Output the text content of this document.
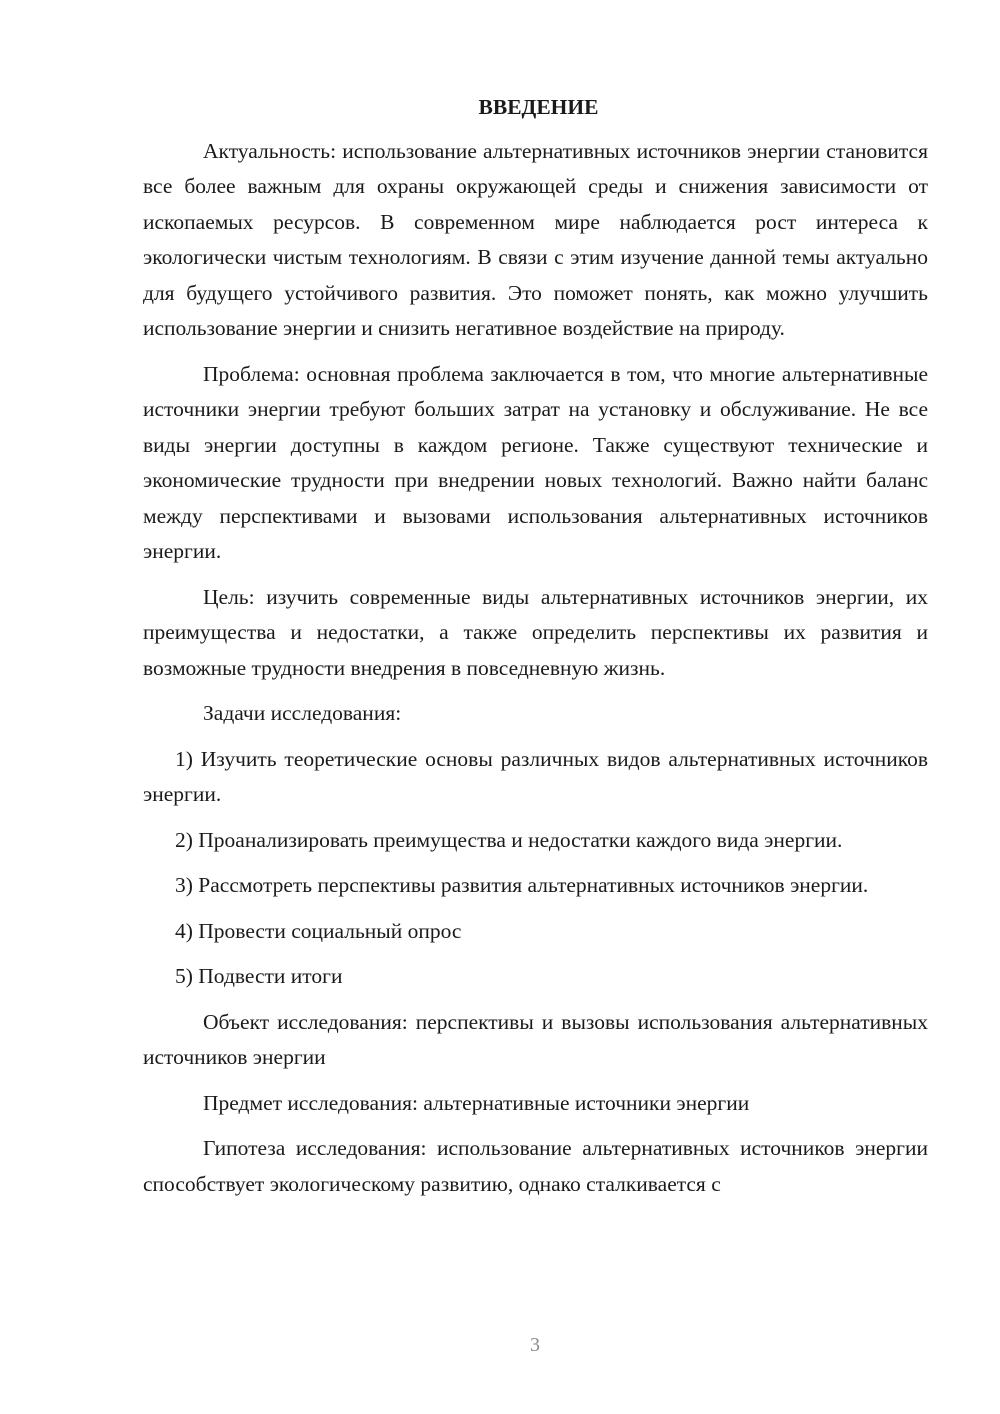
ВВЕДЕНИЕ

Актуальность: использование альтернативных источников энергии становится все более важным для охраны окружающей среды и снижения зависимости от ископаемых ресурсов. В современном мире наблюдается рост интереса к экологически чистым технологиям. В связи с этим изучение данной темы актуально для будущего устойчивого развития. Это поможет понять, как можно улучшить использование энергии и снизить негативное воздействие на природу.

Проблема: основная проблема заключается в том, что многие альтернативные источники энергии требуют больших затрат на установку и обслуживание. Не все виды энергии доступны в каждом регионе. Также существуют технические и экономические трудности при внедрении новых технологий. Важно найти баланс между перспективами и вызовами использования альтернативных источников энергии.

Цель: изучить современные виды альтернативных источников энергии, их преимущества и недостатки, а также определить перспективы их развития и возможные трудности внедрения в повседневную жизнь.

Задачи исследования:

1) Изучить теоретические основы различных видов альтернативных источников энергии.

2) Проанализировать преимущества и недостатки каждого вида энергии.

3) Рассмотреть перспективы развития альтернативных источников энергии.

4) Провести социальный опрос

5) Подвести итоги

Объект исследования: перспективы и вызовы использования альтернативных источников энергии

Предмет исследования: альтернативные источники энергии

Гипотеза исследования: использование альтернативных источников энергии способствует экологическому развитию, однако сталкивается с

3
